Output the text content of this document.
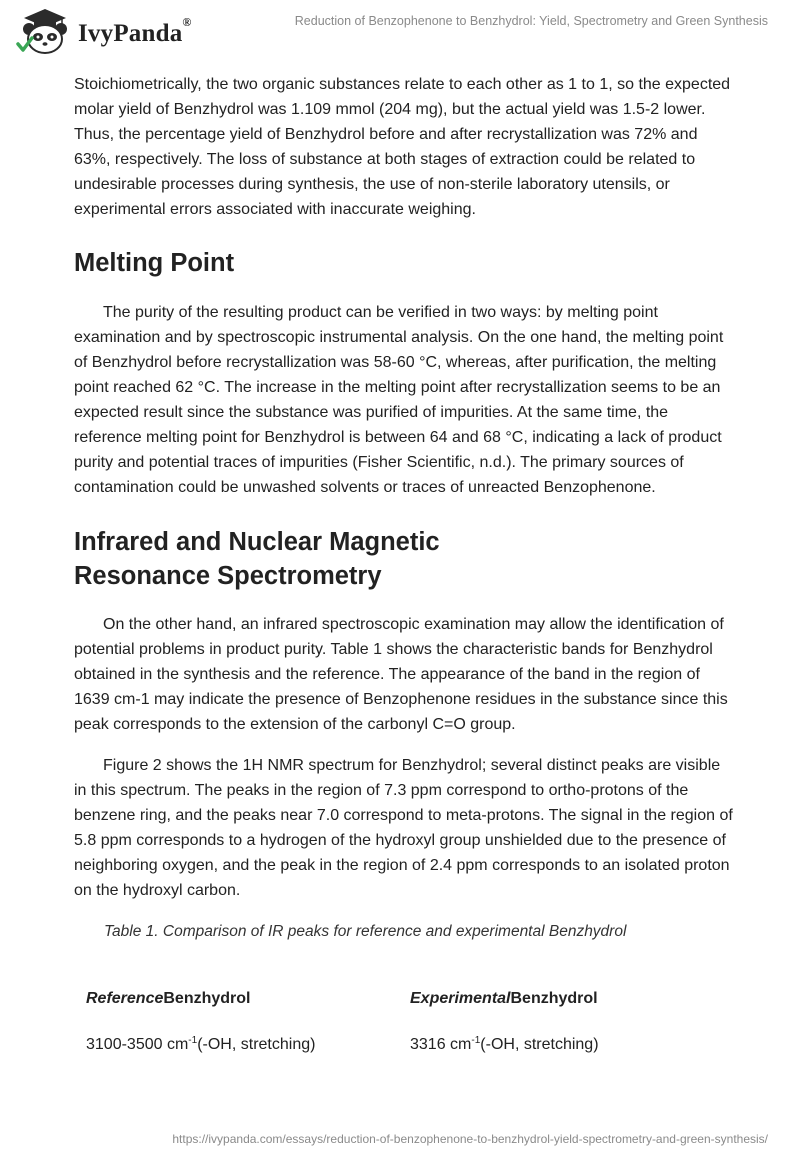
IvyPanda®	Reduction of Benzophenone to Benzhydrol: Yield, Spectrometry and Green Synthesis

Stoichiometrically, the two organic substances relate to each other as 1 to 1, so the expected molar yield of Benzhydrol was 1.109 mmol (204 mg), but the actual yield was 1.5-2 lower. Thus, the percentage yield of Benzhydrol before and after recrystallization was 72% and 63%, respectively. The loss of substance at both stages of extraction could be related to undesirable processes during synthesis, the use of non-sterile laboratory utensils, or experimental errors associated with inaccurate weighing.

Melting Point

The purity of the resulting product can be verified in two ways: by melting point examination and by spectroscopic instrumental analysis. On the one hand, the melting point of Benzhydrol before recrystallization was 58-60 °C, whereas, after purification, the melting point reached 62 °C. The increase in the melting point after recrystallization seems to be an expected result since the substance was purified of impurities. At the same time, the reference melting point for Benzhydrol is between 64 and 68 °C, indicating a lack of product purity and potential traces of impurities (Fisher Scientific, n.d.). The primary sources of contamination could be unwashed solvents or traces of unreacted Benzophenone.

Infrared and Nuclear Magnetic
Resonance Spectrometry

On the other hand, an infrared spectroscopic examination may allow the identification of potential problems in product purity. Table 1 shows the characteristic bands for Benzhydrol obtained in the synthesis and the reference. The appearance of the band in the region of 1639 cm-1 may indicate the presence of Benzophenone residues in the substance since this peak corresponds to the extension of the carbonyl C=O group.

Figure 2 shows the 1H NMR spectrum for Benzhydrol; several distinct peaks are visible in this spectrum. The peaks in the region of 7.3 ppm correspond to ortho-protons of the benzene ring, and the peaks near 7.0 correspond to meta-protons. The signal in the region of 5.8 ppm corresponds to a hydrogen of the hydroxyl group unshielded due to the presence of neighboring oxygen, and the peak in the region of 2.4 ppm corresponds to an isolated proton on the hydroxyl carbon.

Table 1. Comparison of IR peaks for reference and experimental Benzhydrol

ReferenceBenzhydrol	ExperimentalBenzhydrol
3100-3500 $cm^{-1}(-OH$, stretching)	3316 $cm^{-1}(-OH$, stretching)
https://ivypanda.com/essays/reduction-of-benzophenone-to-benzhydrol-yield-spectrometry-and-green-synthesis/
